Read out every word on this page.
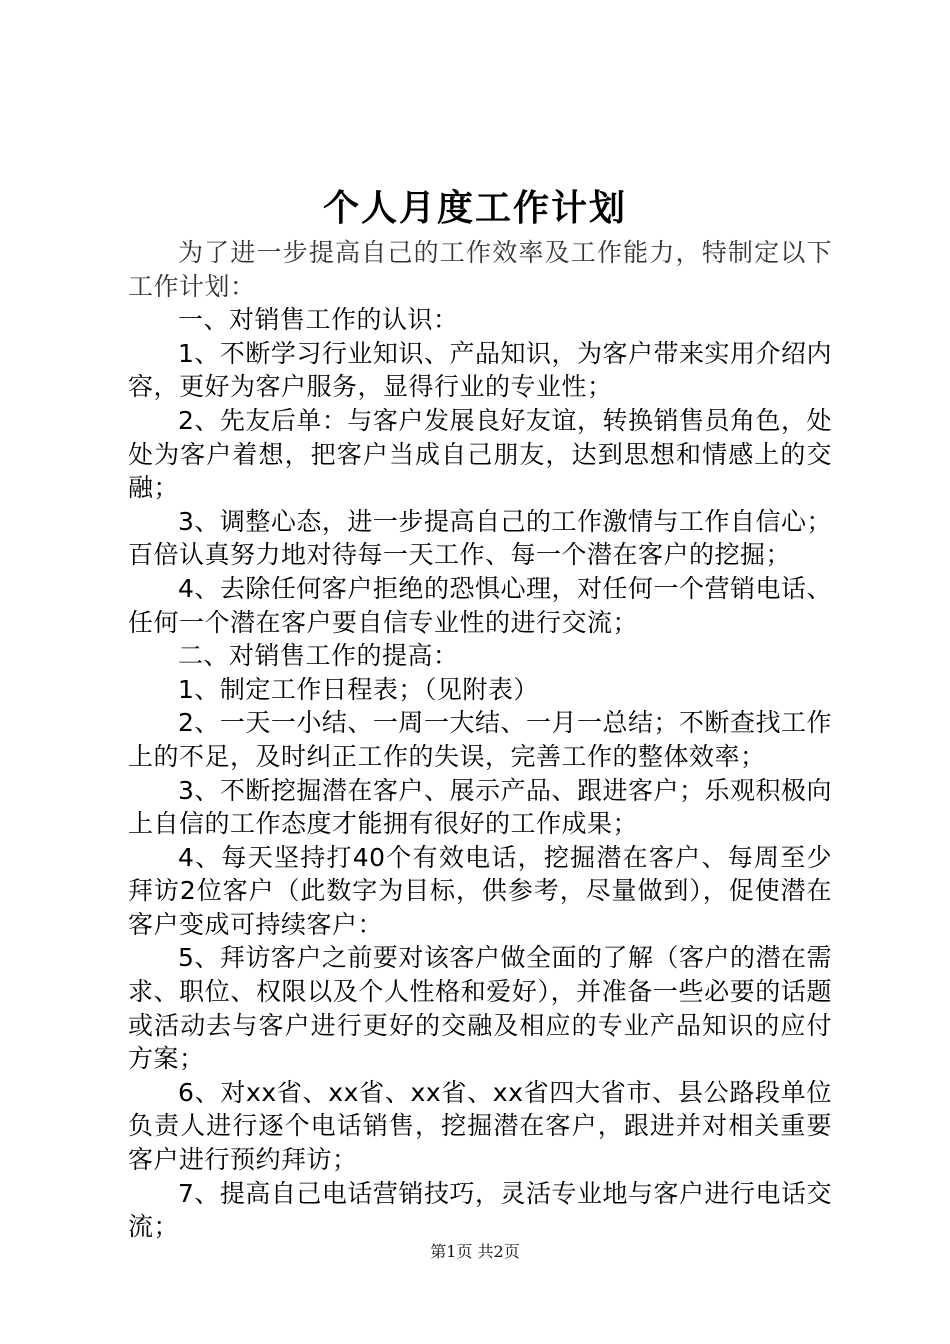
个人月度工作计划

为了进一步提高自己的工作效率及工作能力，特制定以下工作计划：

一、对销售工作的认识：

1、不断学习行业知识、产品知识，为客户带来实用介绍内容，更好为客户服务，显得行业的专业性；

2、先友后单：与客户发展良好友谊，转换销售员角色，处处为客户着想，把客户当成自己朋友，达到思想和情感上的交融；

3、调整心态，进一步提高自己的工作激情与工作自信心；百倍认真努力地对待每一天工作、每一个潜在客户的挖掘；

4、去除任何客户拒绝的恐惧心理，对任何一个营销电话、任何一个潜在客户要自信专业性的进行交流；

二、对销售工作的提高：

1、制定工作日程表；（见附表）

2、一天一小结、一周一大结、一月一总结；不断查找工作上的不足，及时纠正工作的失误，完善工作的整体效率；

3、不断挖掘潜在客户、展示产品、跟进客户；乐观积极向上自信的工作态度才能拥有很好的工作成果；

4、每天坚持打40个有效电话，挖掘潜在客户、每周至少拜访2位客户（此数字为目标，供参考，尽量做到），促使潜在客户变成可持续客户：

5、拜访客户之前要对该客户做全面的了解（客户的潜在需求、职位、权限以及个人性格和爱好），并准备一些必要的话题或活动去与客户进行更好的交融及相应的专业产品知识的应付方案；

6、对xx省、xx省、xx省、xx省四大省市、县公路段单位负责人进行逐个电话销售，挖掘潜在客户，跟进并对相关重要客户进行预约拜访；

7、提高自己电话营销技巧，灵活专业地与客户进行电话交流；

第1页 共2页
